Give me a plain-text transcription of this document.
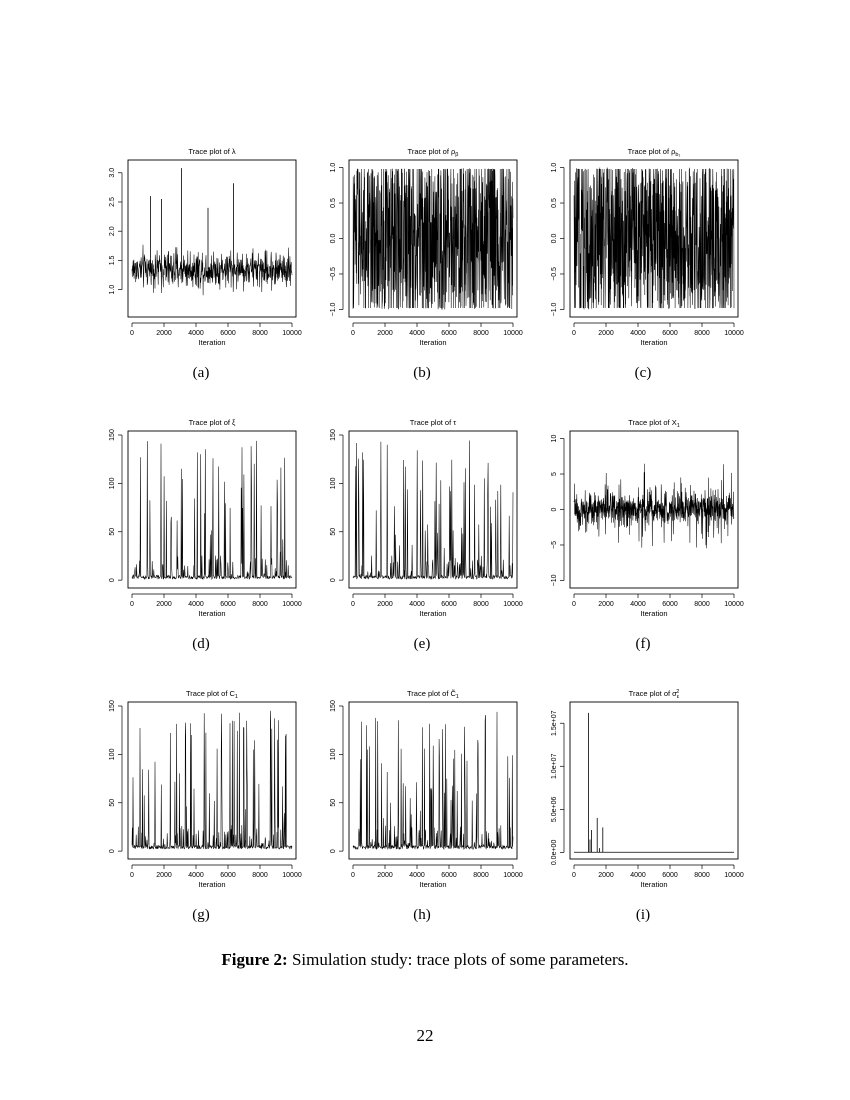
Trace plot of λ
0	2000 4000 6000 8000 10000
Iteration
1.0
1.5
2.0
2.5
3.0
Trace plot of $\rho_\beta$
0	2000 4000 6000 8000 10000
Iteration
−1.0
−0.5
0.0
0.5
1.0
Trace plot of $\rho_{b_1}$
0	2000 4000 6000 8000 10000
Iteration
−1.0
−0.5
0.0
0.5
1.0
Trace plot of ξ
0	2000 4000 6000 8000 10000
Iteration
0
50
100
150
Trace plot of τ
0	2000 4000 6000 8000 10000
Iteration
0
50
100
150
Trace plot of $X_1$
0	2000 4000 6000 8000 10000
Iteration
−10
−5
0
5
10
Trace plot of $C_1$
0	2000 4000 6000 8000 10000
Iteration
0
50
100
150
Trace plot of $C̃_1$
0	2000 4000 6000 8000 10000
Iteration
0
50
100
150
Trace plot of $\sigma_\varepsilon 2$
0	2000 4000 6000 8000 10000
Iteration
0.0e+00
5.0e+06
1.0e+07
1.5e+07
(a)	(b)	(c)
(d)	(e)	(f)
(g)	(h)	(i)
Figure 2: Simulation study: trace plots of some parameters.
22
